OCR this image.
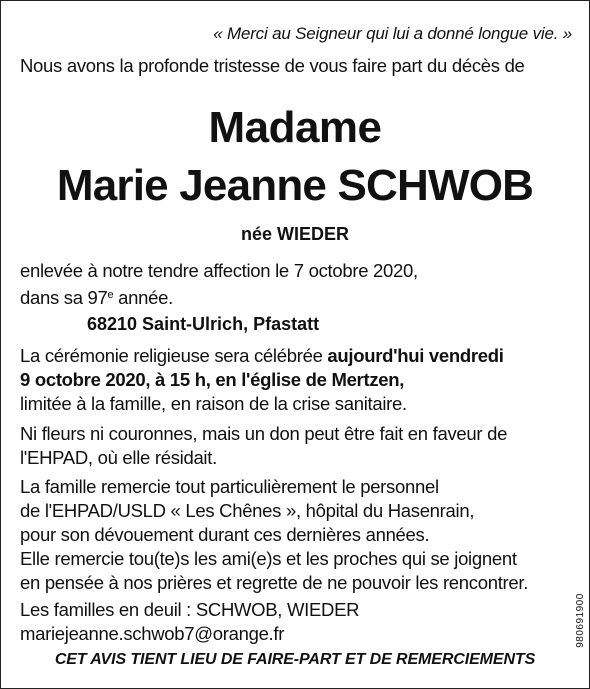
« Merci au Seigneur qui lui a donné longue vie. »
Nous avons la profonde tristesse de vous faire part du décès de
Madame
Marie Jeanne SCHWOB
née WIEDER
enlevée à notre tendre affection le 7 octobre 2020,
dans sa 97e année.
68210 Saint-Ulrich, Pfastatt
La cérémonie religieuse sera célébrée aujourd'hui vendredi
9 octobre 2020, à 15 h, en l'église de Mertzen,
limitée à la famille, en raison de la crise sanitaire.
Ni fleurs ni couronnes, mais un don peut être fait en faveur de
l'EHPAD, où elle résidait.
La famille remercie tout particulièrement le personnel
de l'EHPAD/USLD « Les Chênes », hôpital du Hasenrain,
pour son dévouement durant ces dernières années.
Elle remercie tou(te)s les ami(e)s et les proches qui se joignent
en pensée à nos prières et regrette de ne pouvoir les rencontrer.
Les familles en deuil : SCHWOB, WIEDER
mariejeanne.schwob7@orange.fr
CET AVIS TIENT LIEU DE FAIRE-PART ET DE REMERCIEMENTS
980691900
